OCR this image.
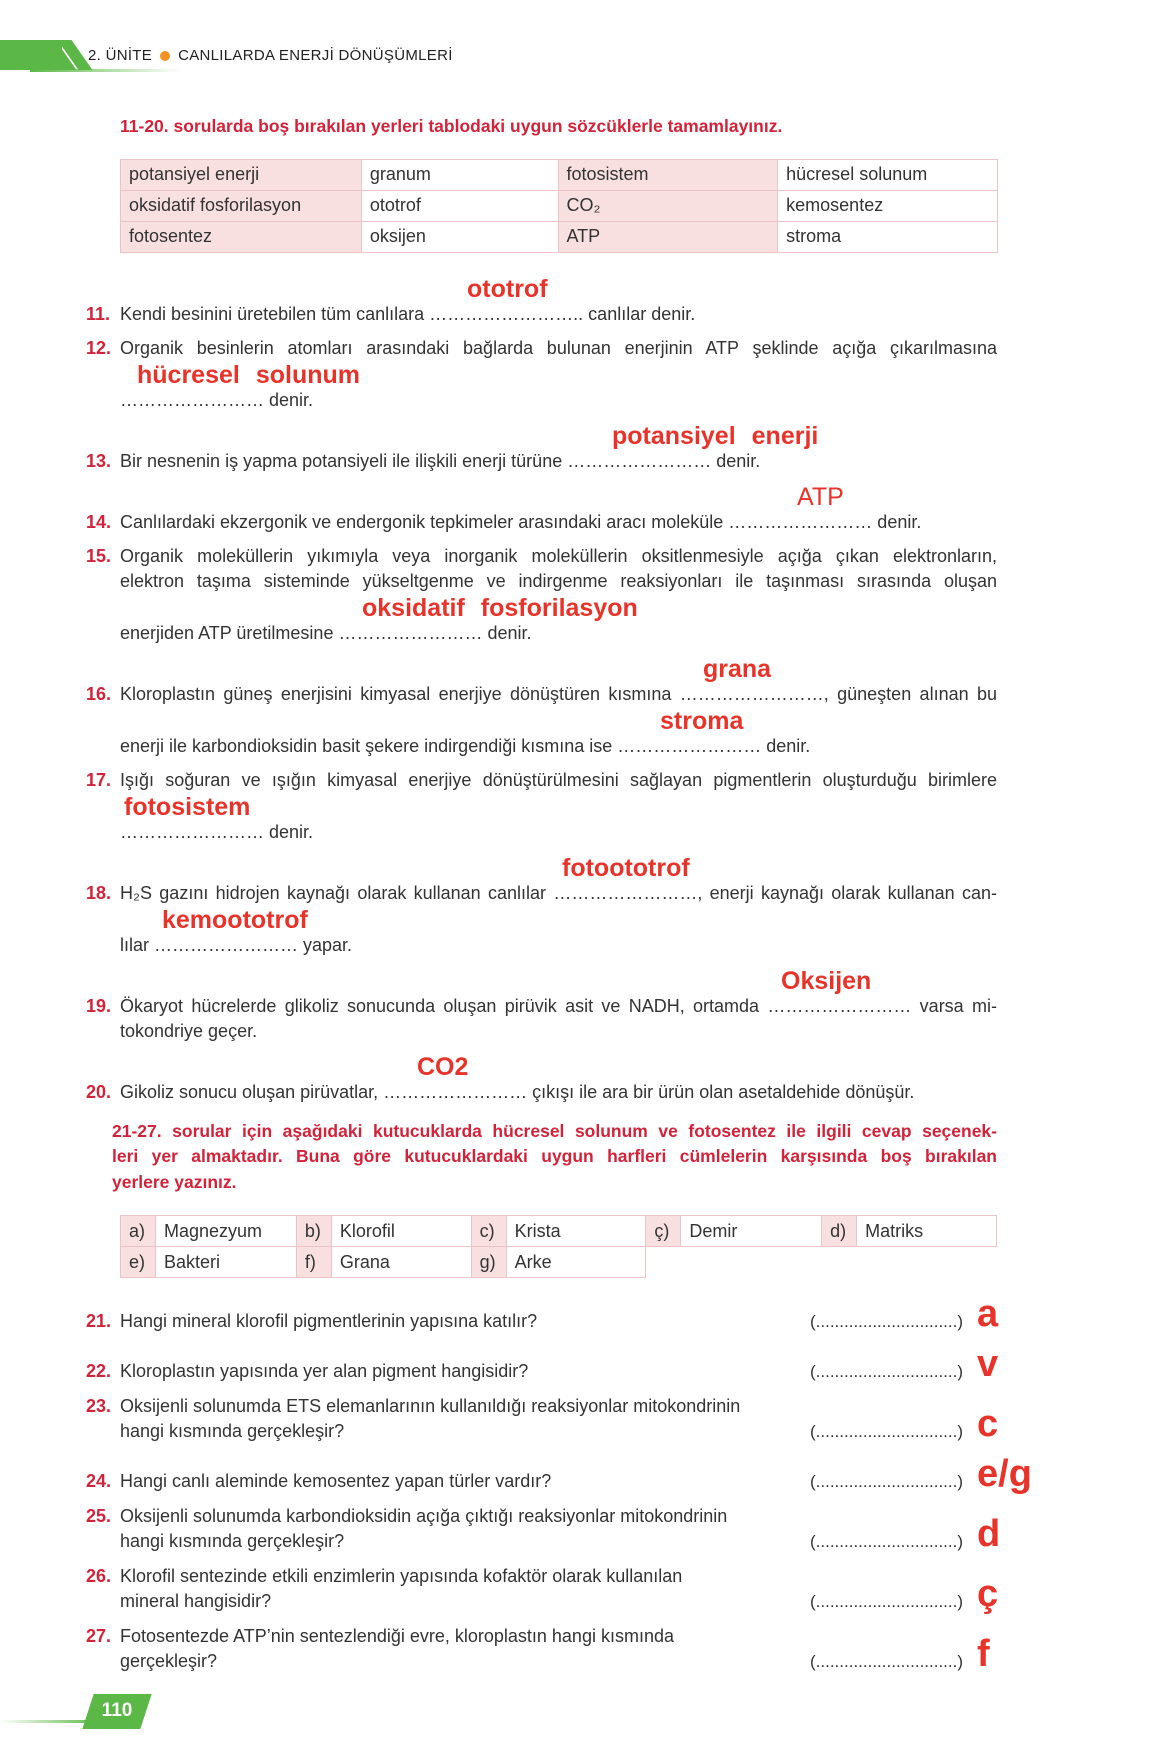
2. ÜNİTE CANLILARDA ENERJİ DÖNÜŞÜMLERİ
11-20. sorularda boş bırakılan yerleri tablodaki uygun sözcüklerle tamamlayınız.
potansiyel enerji	granum	fotosistem	hücresel solunum
oksidatif fosforilasyon	ototrof	CO₂	kemosentez
fotosentez	oksijen	ATP	stroma
ototrof
11. Kendi besinini üretebilen tüm canlılara …………………….. canlılar denir.
12. Organik besinlerin atomları arasındaki bağlarda bulunan enerjinin ATP şeklinde açığa çıkarılmasına
hücresel solunum
…………………… denir.
potansiyel enerji
13. Bir nesnenin iş yapma potansiyeli ile ilişkili enerji türüne …………………… denir.
ATP
14. Canlılardaki ekzergonik ve endergonik tepkimeler arasındaki aracı moleküle …………………… denir.
15. Organik moleküllerin yıkımıyla veya inorganik moleküllerin oksitlenmesiyle açığa çıkan elektronların,
elektron taşıma sisteminde yükseltgenme ve indirgenme reaksiyonları ile taşınması sırasında oluşan
oksidatif fosforilasyon
enerjiden ATP üretilmesine …………………… denir.
grana
16. Kloroplastın güneş enerjisini kimyasal enerjiye dönüştüren kısmına ……………………, güneşten alınan bu
stroma
enerji ile karbondioksidin basit şekere indirgendiği kısmına ise …………………… denir.
17. Işığı soğuran ve ışığın kimyasal enerjiye dönüştürülmesini sağlayan pigmentlerin oluşturduğu birimlere
fotosistem
…………………… denir.
fotoototrof
18. H₂S gazını hidrojen kaynağı olarak kullanan canlılar ……………………, enerji kaynağı olarak kullanan can-
kemoototrof
lılar …………………… yapar.
Oksijen
19. Ökaryot hücrelerde glikoliz sonucunda oluşan pirüvik asit ve NADH, ortamda …………………… varsa mi-
tokondriye geçer.
CO2
20. Gikoliz sonucu oluşan pirüvatlar, …………………… çıkışı ile ara bir ürün olan asetaldehide dönüşür.
21-27. sorular için aşağıdaki kutucuklarda hücresel solunum ve fotosentez ile ilgili cevap seçenek-
leri yer almaktadır. Buna göre kutucuklardaki uygun harfleri cümlelerin karşısında boş bırakılan
yerlere yazınız.
a)	Magnezyum	b)	Klorofil	c)	Krista	ç)	Demir	d)	Matriks
e)	Bakteri	f)	Grana	g)	Arke				
21. Hangi mineral klorofil pigmentlerinin yapısına katılır?	(..............................) a
22. Kloroplastın yapısında yer alan pigment hangisidir?	(..............................) v
23. Oksijenli solunumda ETS elemanlarının kullanıldığı reaksiyonlar mitokondrinin
hangi kısmında gerçekleşir?	(..............................) c
24. Hangi canlı aleminde kemosentez yapan türler vardır?	(..............................) e/g
25. Oksijenli solunumda karbondioksidin açığa çıktığı reaksiyonlar mitokondrinin
hangi kısmında gerçekleşir?	(..............................) d
26. Klorofil sentezinde etkili enzimlerin yapısında kofaktör olarak kullanılan
mineral hangisidir?	(..............................) ç
27. Fotosentezde ATP’nin sentezlendiği evre, kloroplastın hangi kısmında
gerçekleşir?	(..............................) f
110
